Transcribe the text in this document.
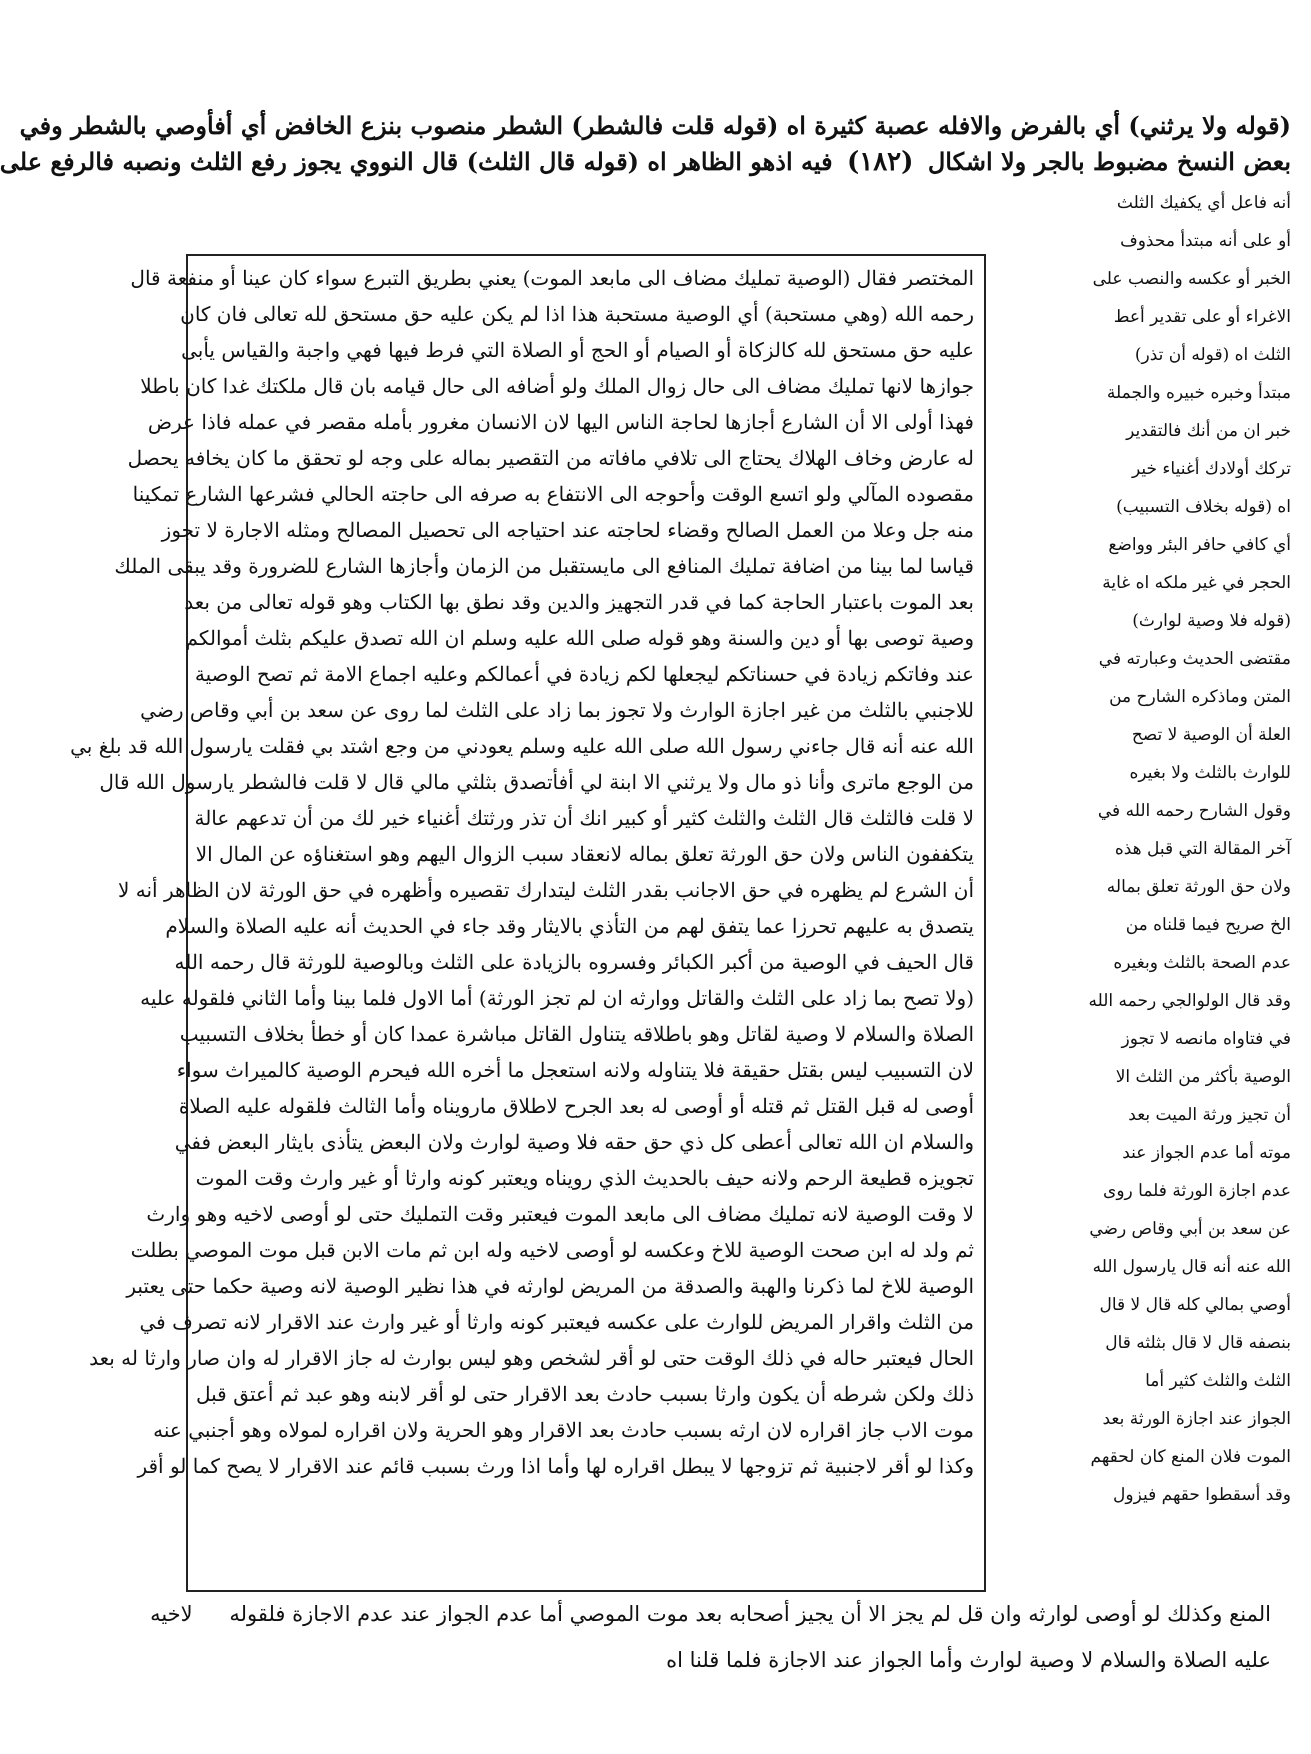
(قوله ولا يرثني) أي بالفرض والافله عصبة كثيرة اه (قوله قلت فالشطر) الشطر منصوب بنزع الخافض أي أفأوصي بالشطر وفي
بعض النسخ مضبوط بالجر ولا اشكال (١٨٢) فيه اذهو الظاهر اه (قوله قال الثلث) قال النووي يجوز رفع الثلث ونصبه فالرفع على
أنه فاعل أي يكفيك الثلث
أو على أنه مبتدأ محذوف
الخبر أو عكسه والنصب على
الاغراء أو على تقدير أعط
الثلث اه (قوله أن تذر)
مبتدأ وخبره خبيره والجملة
خبر ان من أنك فالتقدير
تركك أولادك أغنياء خير
اه (قوله بخلاف التسبيب)
أي كافي حافر البئر وواضع
الحجر في غير ملكه اه غاية
(قوله فلا وصية لوارث)
مقتضى الحديث وعبارته في
المتن وماذكره الشارح من
العلة أن الوصية لا تصح
للوارث بالثلث ولا بغيره
وقول الشارح رحمه الله في
آخر المقالة التي قبل هذه
ولان حق الورثة تعلق بماله
الخ صريح فيما قلناه من
عدم الصحة بالثلث وبغيره
وقد قال الولوالجي رحمه الله
في فتاواه مانصه لا تجوز
الوصية بأكثر من الثلث الا
أن تجيز ورثة الميت بعد
موته أما عدم الجواز عند
عدم اجازة الورثة فلما روى
عن سعد بن أبي وقاص رضي
الله عنه أنه قال يارسول الله
أوصي بمالي كله قال لا قال
بنصفه قال لا قال بثلثه قال
الثلث والثلث كثير أما
الجواز عند اجازة الورثة بعد
الموت فلان المنع كان لحقهم
وقد أسقطوا حقهم فيزول
المختصر فقال (الوصية تمليك مضاف الى مابعد الموت) يعني بطريق التبرع سواء كان عينا أو منفعة قال
رحمه الله (وهي مستحبة) أي الوصية مستحبة هذا اذا لم يكن عليه حق مستحق لله تعالى فان كان
عليه حق مستحق لله كالزكاة أو الصيام أو الحج أو الصلاة التي فرط فيها فهي واجبة والقياس يأبى
جوازها لانها تمليك مضاف الى حال زوال الملك ولو أضافه الى حال قيامه بان قال ملكتك غدا كان باطلا
فهذا أولى الا أن الشارع أجازها لحاجة الناس اليها لان الانسان مغرور بأمله مقصر في عمله فاذا عرض
له عارض وخاف الهلاك يحتاج الى تلافي مافاته من التقصير بماله على وجه لو تحقق ما كان يخافه يحصل
مقصوده المآلي ولو اتسع الوقت وأحوجه الى الانتفاع به صرفه الى حاجته الحالي فشرعها الشارع تمكينا
منه جل وعلا من العمل الصالح وقضاء لحاجته عند احتياجه الى تحصيل المصالح ومثله الاجارة لا تجوز
قياسا لما بينا من اضافة تمليك المنافع الى مايستقبل من الزمان وأجازها الشارع للضرورة وقد يبقى الملك
بعد الموت باعتبار الحاجة كما في قدر التجهيز والدين وقد نطق بها الكتاب وهو قوله تعالى من بعد
وصية توصى بها أو دين والسنة وهو قوله صلى الله عليه وسلم ان الله تصدق عليكم بثلث أموالكم
عند وفاتكم زيادة في حسناتكم ليجعلها لكم زيادة في أعمالكم وعليه اجماع الامة ثم تصح الوصية
للاجنبي بالثلث من غير اجازة الوارث ولا تجوز بما زاد على الثلث لما روى عن سعد بن أبي وقاص رضي
الله عنه أنه قال جاءني رسول الله صلى الله عليه وسلم يعودني من وجع اشتد بي فقلت يارسول الله قد بلغ بي
من الوجع ماترى وأنا ذو مال ولا يرثني الا ابنة لي أفأتصدق بثلثي مالي قال لا قلت فالشطر يارسول الله قال
لا قلت فالثلث قال الثلث والثلث كثير أو كبير انك أن تذر ورثتك أغنياء خير لك من أن تدعهم عالة
يتكففون الناس ولان حق الورثة تعلق بماله لانعقاد سبب الزوال اليهم وهو استغناؤه عن المال الا
أن الشرع لم يظهره في حق الاجانب بقدر الثلث ليتدارك تقصيره وأظهره في حق الورثة لان الظاهر أنه لا
يتصدق به عليهم تحرزا عما يتفق لهم من التأذي بالايثار وقد جاء في الحديث أنه عليه الصلاة والسلام
قال الحيف في الوصية من أكبر الكبائر وفسروه بالزيادة على الثلث وبالوصية للورثة قال رحمه الله
(ولا تصح بما زاد على الثلث والقاتل ووارثه ان لم تجز الورثة) أما الاول فلما بينا وأما الثاني فلقوله عليه
الصلاة والسلام لا وصية لقاتل وهو باطلاقه يتناول القاتل مباشرة عمدا كان أو خطأ بخلاف التسبيب
لان التسبيب ليس بقتل حقيقة فلا يتناوله ولانه استعجل ما أخره الله فيحرم الوصية كالميراث سواء
أوصى له قبل القتل ثم قتله أو أوصى له بعد الجرح لاطلاق مارويناه وأما الثالث فلقوله عليه الصلاة
والسلام ان الله تعالى أعطى كل ذي حق حقه فلا وصية لوارث ولان البعض يتأذى بايثار البعض ففي
تجويزه قطيعة الرحم ولانه حيف بالحديث الذي رويناه ويعتبر كونه وارثا أو غير وارث وقت الموت
لا وقت الوصية لانه تمليك مضاف الى مابعد الموت فيعتبر وقت التمليك حتى لو أوصى لاخيه وهو وارث
ثم ولد له ابن صحت الوصية للاخ وعكسه لو أوصى لاخيه وله ابن ثم مات الابن قبل موت الموصي بطلت
الوصية للاخ لما ذكرنا والهبة والصدقة من المريض لوارثه في هذا نظير الوصية لانه وصية حكما حتى يعتبر
من الثلث واقرار المريض للوارث على عكسه فيعتبر كونه وارثا أو غير وارث عند الاقرار لانه تصرف في
الحال فيعتبر حاله في ذلك الوقت حتى لو أقر لشخص وهو ليس بوارث له جاز الاقرار له وان صار وارثا له بعد
ذلك ولكن شرطه أن يكون وارثا بسبب حادث بعد الاقرار حتى لو أقر لابنه وهو عبد ثم أعتق قبل
موت الاب جاز اقراره لان ارثه بسبب حادث بعد الاقرار وهو الحرية ولان اقراره لمولاه وهو أجنبي عنه
وكذا لو أقر لاجنبية ثم تزوجها لا يبطل اقراره لها وأما اذا ورث بسبب قائم عند الاقرار لا يصح كما لو أقر
المنع وكذلك لو أوصى لوارثه وان قل لم يجز الا أن يجيز أصحابه بعد موت الموصي أما عدم الجواز عند عدم الاجازة فلقوله لاخيه
عليه الصلاة والسلام لا وصية لوارث وأما الجواز عند الاجازة فلما قلنا اه
